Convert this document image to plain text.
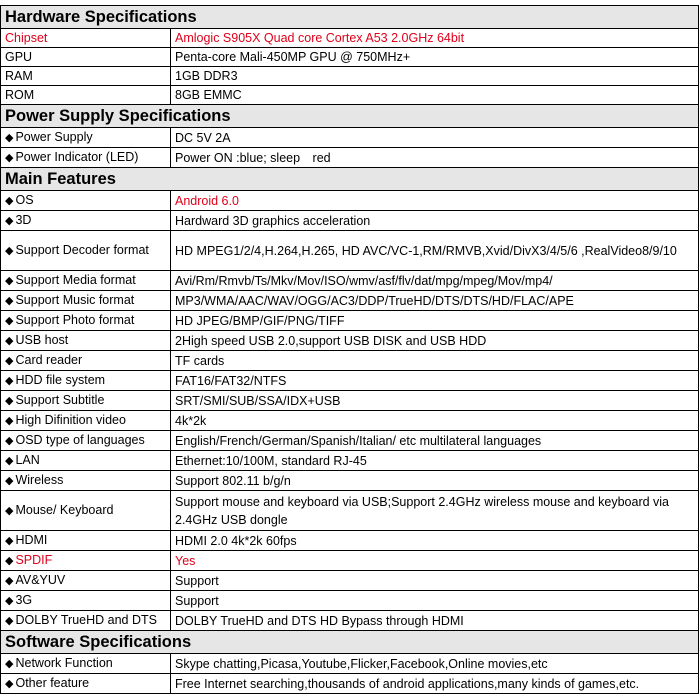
Hardware Specifications	
Chipset	Amlogic S905X Quad core Cortex A53 2.0GHz 64bit
GPU	Penta-core Mali-450MP GPU @ 750MHz+
RAM	1GB DDR3
ROM	8GB EMMC
Power Supply Specifications	
◆ Power Supply	DC 5V 2A
◆ Power Indicator (LED)	Power ON :blue; sleep　red
Main Features	
◆ OS	Android 6.0
◆ 3D	Hardward 3D graphics acceleration
◆ Support Decoder format	HD MPEG1/2/4,H.264,H.265, HD AVC/VC-1,RM/RMVB,Xvid/DivX3/4/5/6 ,RealVideo8/9/10
◆ Support Media format	Avi/Rm/Rmvb/Ts/Mkv/Mov/ISO/wmv/asf/flv/dat/mpg/mpeg/Mov/mp4/
◆ Support Music format	MP3/WMA/AAC/WAV/OGG/AC3/DDP/TrueHD/DTS/DTS/HD/FLAC/APE
◆ Support Photo format	HD JPEG/BMP/GIF/PNG/TIFF
◆ USB host	2High speed USB 2.0,support USB DISK and USB HDD
◆ Card reader	TF cards
◆ HDD file system	FAT16/FAT32/NTFS
◆ Support Subtitle	SRT/SMI/SUB/SSA/IDX+USB
◆ High Difinition video	4k*2k
◆ OSD type of languages	English/French/German/Spanish/Italian/ etc multilateral languages
◆ LAN	Ethernet:10/100M, standard RJ-45
◆ Wireless	Support 802.11 b/g/n
◆ Mouse/ Keyboard	Support mouse and keyboard via USB;Support 2.4GHz wireless mouse and keyboard via 2.4GHz USB dongle
◆ HDMI	HDMI 2.0 4k*2k 60fps
◆ SPDIF	Yes
◆ AV&YUV	Support
◆ 3G	Support
◆ DOLBY TrueHD and DTS	DOLBY TrueHD and DTS HD Bypass through HDMI
Software Specifications	
◆ Network Function	Skype chatting,Picasa,Youtube,Flicker,Facebook,Online movies,etc
◆ Other feature	Free Internet searching,thousands of android applications,many kinds of games,etc.
